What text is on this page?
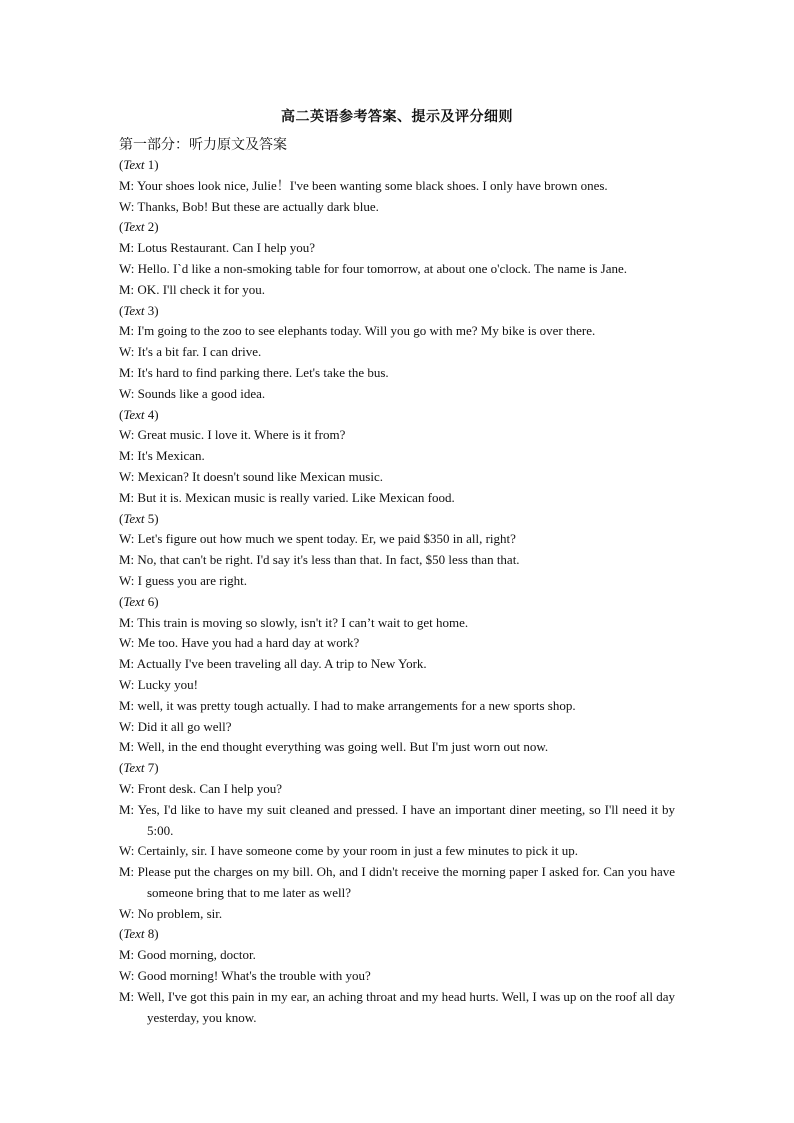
高二英语参考答案、提示及评分细则
第一部分：听力原文及答案
(Text 1)
M: Your shoes look nice, Julie！I've been wanting some black shoes. I only have brown ones.
W: Thanks, Bob! But these are actually dark blue.
(Text 2)
M: Lotus Restaurant. Can I help you?
W: Hello. I`d like a non-smoking table for four tomorrow, at about one o'clock. The name is Jane.
M: OK. I'll check it for you.
(Text 3)
M: I'm going to the zoo to see elephants today. Will you go with me? My bike is over there.
W: It's a bit far. I can drive.
M: It's hard to find parking there. Let's take the bus.
W: Sounds like a good idea.
(Text 4)
W: Great music. I love it. Where is it from?
M: It's Mexican.
W: Mexican? It doesn't sound like Mexican music.
M: But it is. Mexican music is really varied. Like Mexican food.
(Text 5)
W: Let's figure out how much we spent today. Er, we paid $350 in all, right?
M: No, that can't be right. I'd say it's less than that. In fact, $50 less than that.
W: I guess you are right.
(Text 6)
M: This train is moving so slowly, isn't it? I can’t wait to get home.
W: Me too. Have you had a hard day at work?
M: Actually I've been traveling all day. A trip to New York.
W: Lucky you!
M: well, it was pretty tough actually. I had to make arrangements for a new sports shop.
W: Did it all go well?
M: Well, in the end thought everything was going well. But I'm just worn out now.
(Text 7)
W: Front desk. Can I help you?
M: Yes, I'd like to have my suit cleaned and pressed. I have an important diner meeting, so I'll need it by 5:00.
W: Certainly, sir. I have someone come by your room in just a few minutes to pick it up.
M: Please put the charges on my bill. Oh, and I didn't receive the morning paper I asked for. Can you have someone bring that to me later as well?
W: No problem, sir.
(Text 8)
M: Good morning, doctor.
W: Good morning! What's the trouble with you?
M: Well, I've got this pain in my ear, an aching throat and my head hurts. Well, I was up on the roof all day yesterday, you know.
